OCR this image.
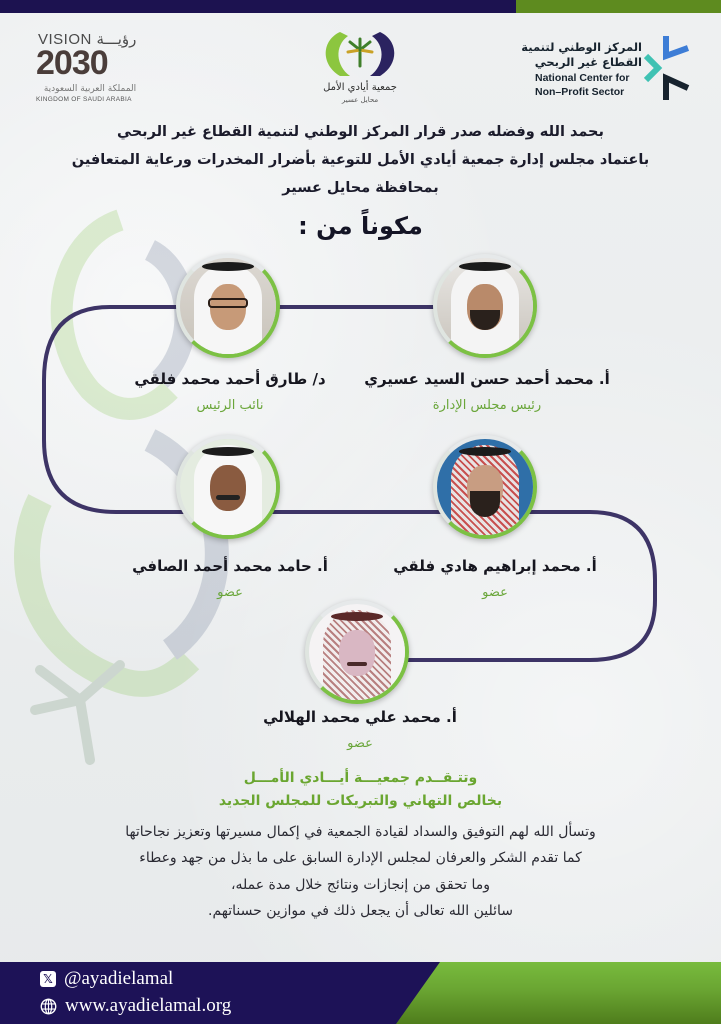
VISION رؤيـــة
2030
المملكة العربية السعودية
KINGDOM OF SAUDI ARABIA
جمعية أيادي الأمل
محايل عسير
المركز الوطني لتنمية
القطاع غير الربحي
National Center for
Non–Profit Sector
بحمد الله وفضله صدر قرار المركز الوطني لتنمية القطاع غير الربحي
باعتماد مجلس إدارة جمعية أيادي الأمل للتوعية بأضرار المخدرات ورعاية المتعافين
بمحافظة محايل عسير
مكوناً من :
أ. محمد أحمد حسن السيد عسيري
رئيس مجلس الإدارة
د/ طارق أحمد محمد فلقي
نائب الرئيس
أ. محمد إبراهيم هادي فلقي
عضو
أ. حامد محمد أحمد الصافي
عضو
أ. محمد علي محمد الهلالي
عضو
وتتـقــدم جمعيـــة أيـــادي الأمـــل
بخالص التهاني والتبريكات للمجلس الجديد
وتسأل الله لهم التوفيق والسداد لقيادة الجمعية في إكمال مسيرتها وتعزيز نجاحاتها
كما تقدم الشكر والعرفان لمجلس الإدارة السابق على ما بذل من جهد وعطاء
وما تحقق من إنجازات ونتائج خلال مدة عمله،
سائلين الله تعالى أن يجعل ذلك في موازين حسناتهم.
𝕏 @ayadielamal
www.ayadielamal.org
